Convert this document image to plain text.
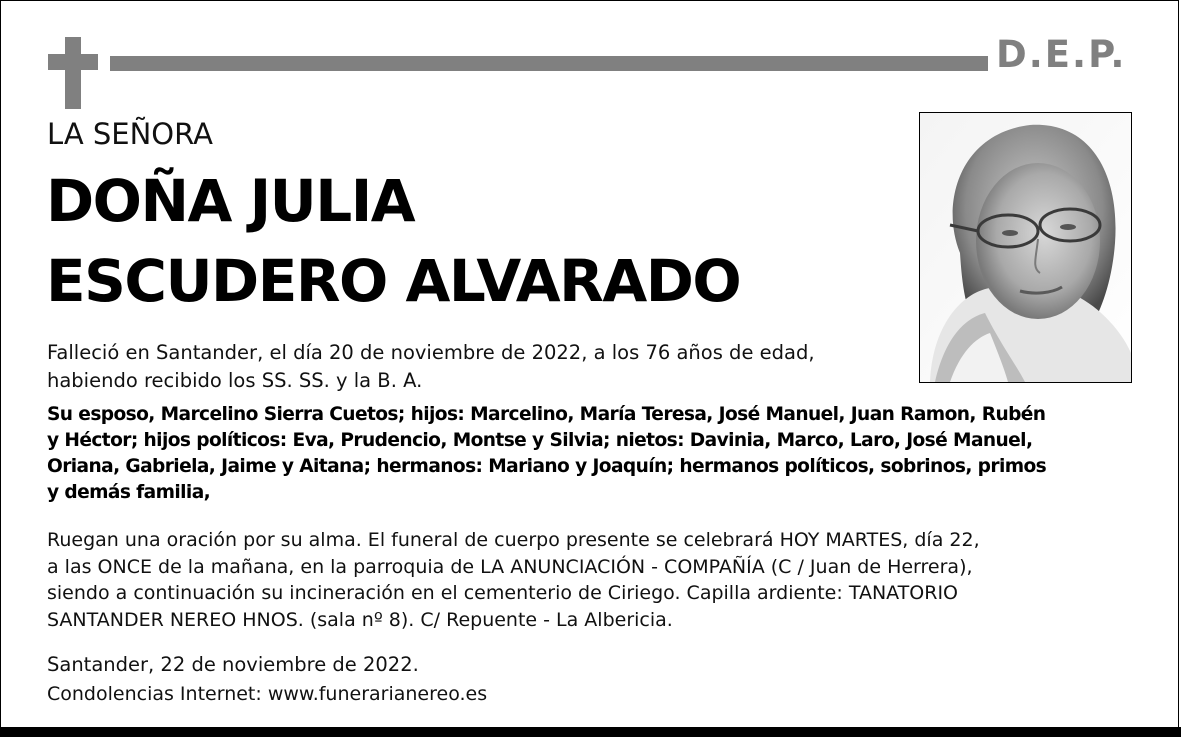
D.E.P.
LA SEÑORA
DOÑA JULIA
ESCUDERO ALVARADO

Falleció en Santander, el día 20 de noviembre de 2022, a los 76 años de edad,
habiendo recibido los SS. SS. y la B. A.

Su esposo, Marcelino Sierra Cuetos; hijos: Marcelino, María Teresa, José Manuel, Juan Ramon, Rubén
y Héctor; hijos políticos: Eva, Prudencio, Montse y Silvia; nietos: Davinia, Marco, Laro, José Manuel,
Oriana, Gabriela, Jaime y Aitana; hermanos: Mariano y Joaquín; hermanos políticos, sobrinos, primos
y demás familia,

Ruegan una oración por su alma. El funeral de cuerpo presente se celebrará HOY MARTES, día 22,
a las ONCE de la mañana, en la parroquia de LA ANUNCIACIÓN - COMPAÑÍA (C / Juan de Herrera),
siendo a continuación su incineración en el cementerio de Ciriego. Capilla ardiente: TANATORIO
SANTANDER NEREO HNOS. (sala nº 8). C/ Repuente - La Albericia.

Santander, 22 de noviembre de 2022.

Condolencias Internet: www.funerarianereo.es
